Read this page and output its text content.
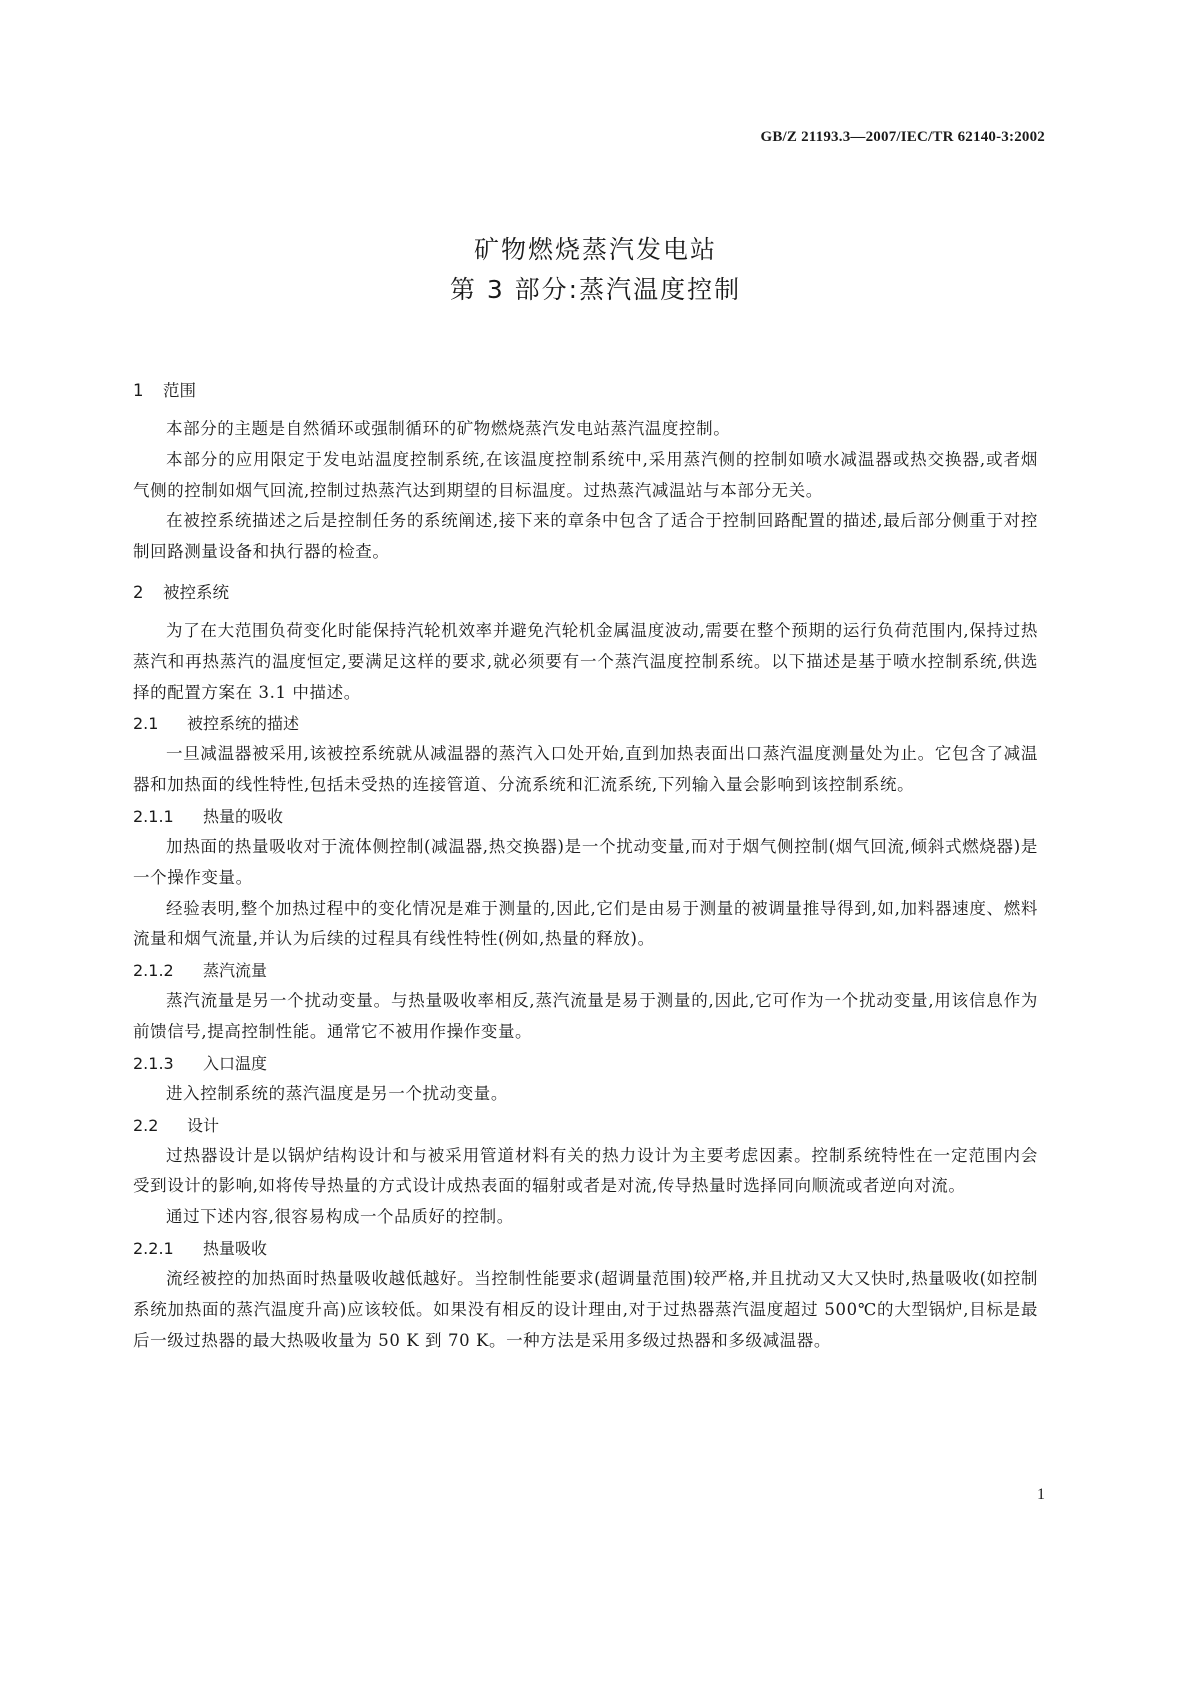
GB/Z 21193.3—2007/IEC/TR 62140-3:2002
矿物燃烧蒸汽发电站
第 3 部分:蒸汽温度控制
1 范围

本部分的主题是自然循环或强制循环的矿物燃烧蒸汽发电站蒸汽温度控制。

本部分的应用限定于发电站温度控制系统,在该温度控制系统中,采用蒸汽侧的控制如喷水减温器或热交换器,或者烟气侧的控制如烟气回流,控制过热蒸汽达到期望的目标温度。过热蒸汽减温站与本部分无关。

在被控系统描述之后是控制任务的系统阐述,接下来的章条中包含了适合于控制回路配置的描述,最后部分侧重于对控制回路测量设备和执行器的检查。

2 被控系统

为了在大范围负荷变化时能保持汽轮机效率并避免汽轮机金属温度波动,需要在整个预期的运行负荷范围内,保持过热蒸汽和再热蒸汽的温度恒定,要满足这样的要求,就必须要有一个蒸汽温度控制系统。以下描述是基于喷水控制系统,供选择的配置方案在 3.1 中描述。

2.1 被控系统的描述

一旦减温器被采用,该被控系统就从减温器的蒸汽入口处开始,直到加热表面出口蒸汽温度测量处为止。它包含了减温器和加热面的线性特性,包括未受热的连接管道、分流系统和汇流系统,下列输入量会影响到该控制系统。

2.1.1 热量的吸收

加热面的热量吸收对于流体侧控制(减温器,热交换器)是一个扰动变量,而对于烟气侧控制(烟气回流,倾斜式燃烧器)是一个操作变量。

经验表明,整个加热过程中的变化情况是难于测量的,因此,它们是由易于测量的被调量推导得到,如,加料器速度、燃料流量和烟气流量,并认为后续的过程具有线性特性(例如,热量的释放)。

2.1.2 蒸汽流量

蒸汽流量是另一个扰动变量。与热量吸收率相反,蒸汽流量是易于测量的,因此,它可作为一个扰动变量,用该信息作为前馈信号,提高控制性能。通常它不被用作操作变量。

2.1.3 入口温度

进入控制系统的蒸汽温度是另一个扰动变量。

2.2 设计

过热器设计是以锅炉结构设计和与被采用管道材料有关的热力设计为主要考虑因素。控制系统特性在一定范围内会受到设计的影响,如将传导热量的方式设计成热表面的辐射或者是对流,传导热量时选择同向顺流或者逆向对流。

通过下述内容,很容易构成一个品质好的控制。

2.2.1 热量吸收

流经被控的加热面时热量吸收越低越好。当控制性能要求(超调量范围)较严格,并且扰动又大又快时,热量吸收(如控制系统加热面的蒸汽温度升高)应该较低。如果没有相反的设计理由,对于过热器蒸汽温度超过 500℃的大型锅炉,目标是最后一级过热器的最大热吸收量为 50 K 到 70 K。一种方法是采用多级过热器和多级减温器。

1
